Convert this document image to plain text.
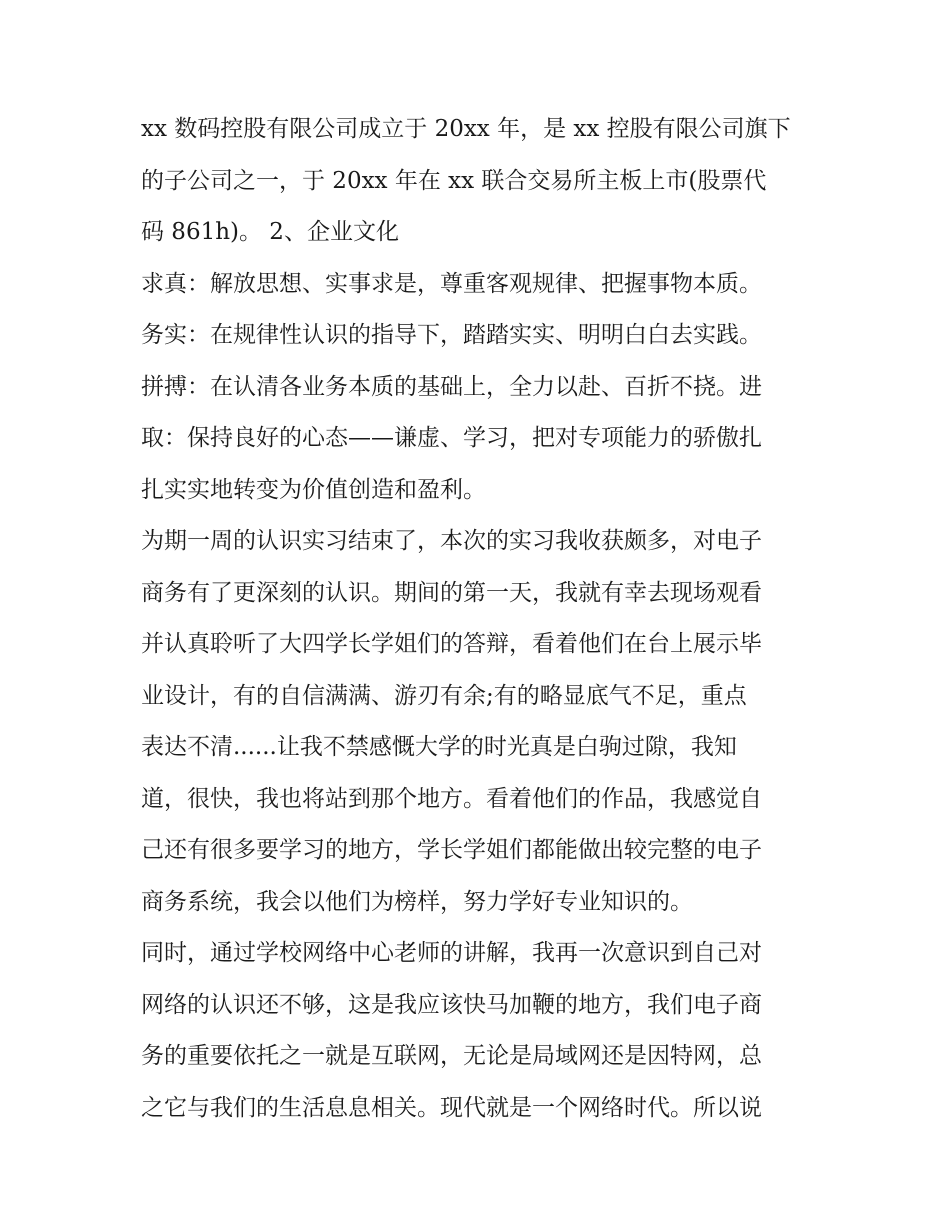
xx 数码控股有限公司成立于 20xx 年，是 xx 控股有限公司旗下
的子公司之一，于 20xx 年在 xx 联合交易所主板上市(股票代
码 861h)。 2、企业文化
求真：解放思想、实事求是，尊重客观规律、把握事物本质。
务实：在规律性认识的指导下，踏踏实实、明明白白去实践。
拼搏：在认清各业务本质的基础上，全力以赴、百折不挠。进
取：保持良好的心态——谦虚、学习，把对专项能力的骄傲扎
扎实实地转变为价值创造和盈利。
为期一周的认识实习结束了，本次的实习我收获颇多，对电子
商务有了更深刻的认识。期间的第一天，我就有幸去现场观看
并认真聆听了大四学长学姐们的答辩，看着他们在台上展示毕
业设计，有的自信满满、游刃有余;有的略显底气不足，重点
表达不清......让我不禁感慨大学的时光真是白驹过隙，我知
道，很快，我也将站到那个地方。看着他们的作品，我感觉自
己还有很多要学习的地方，学长学姐们都能做出较完整的电子
商务系统，我会以他们为榜样，努力学好专业知识的。
同时，通过学校网络中心老师的讲解，我再一次意识到自己对
网络的认识还不够，这是我应该快马加鞭的地方，我们电子商
务的重要依托之一就是互联网，无论是局域网还是因特网，总
之它与我们的生活息息相关。现代就是一个网络时代。所以说
